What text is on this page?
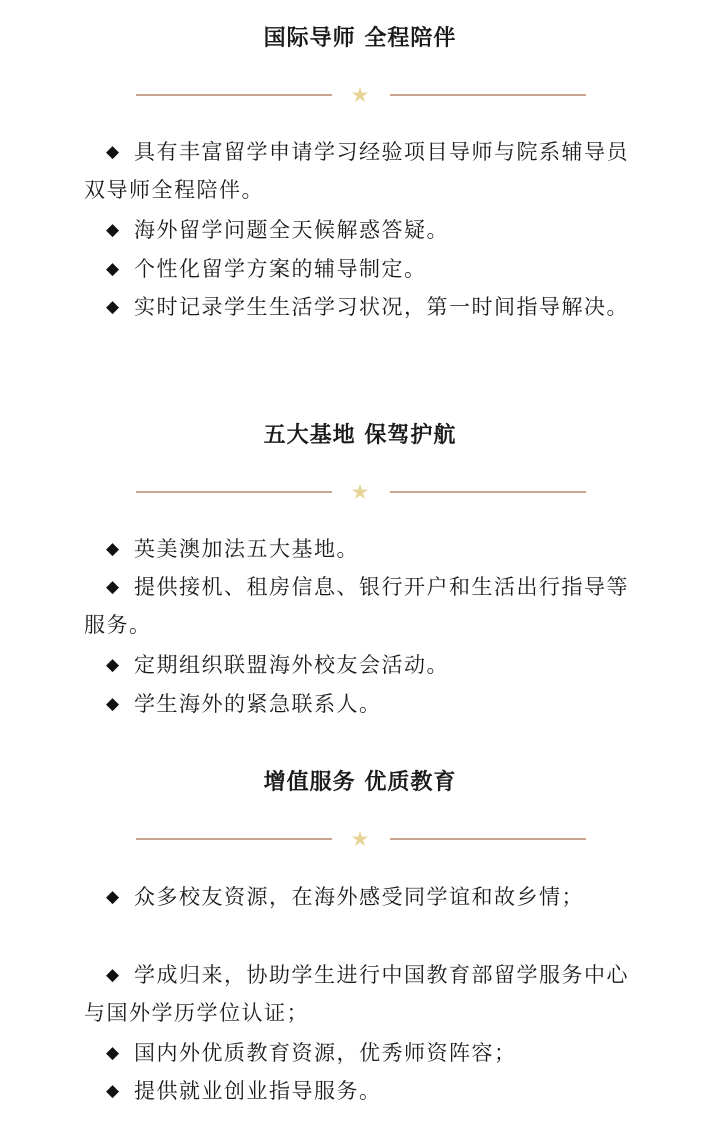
国际导师 全程陪伴
★
◆ 具有丰富留学申请学习经验项目导师与院系辅导员双导师全程陪伴。
◆ 海外留学问题全天候解惑答疑。
◆ 个性化留学方案的辅导制定。
◆ 实时记录学生生活学习状况，第一时间指导解决。
五大基地 保驾护航
★
◆ 英美澳加法五大基地。
◆ 提供接机、租房信息、银行开户和生活出行指导等服务。
◆ 定期组织联盟海外校友会活动。
◆ 学生海外的紧急联系人。
增值服务 优质教育
★
◆ 众多校友资源，在海外感受同学谊和故乡情；
◆ 学成归来，协助学生进行中国教育部留学服务中心与国外学历学位认证；
◆ 国内外优质教育资源，优秀师资阵容；
◆ 提供就业创业指导服务。
